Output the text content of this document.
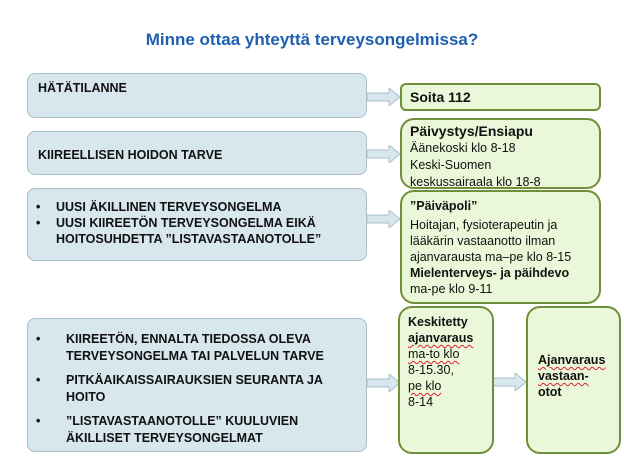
Minne ottaa yhteyttä terveysongelmissa?
HÄTÄTILANNE
KIIREELLISEN HOIDON TARVE
• UUSI ÄKILLINEN TERVEYSONGELMA
• UUSI KIIREETÖN TERVEYSONGELMA EIKÄ HOITOSUHDETTA ”LISTAVASTAANOTOLLE”
• KIIREETÖN, ENNALTA TIEDOSSA OLEVA TERVEYSONGELMA TAI PALVELUN TARVE
• PITKÄAIKAISSAIRAUKSIEN SEURANTA JA HOITO
• ”LISTAVASTAANOTOLLE” KUULUVIEN ÄKILLISET TERVEYSONGELMAT
Soita 112
Päivystys/Ensiapu
Äänekoski klo 8-18
Keski-Suomen
keskussairaala klo 18-8
”Päiväpoli”
Hoitajan, fysioterapeutin ja lääkärin vastaanotto ilman ajanvarausta ma–pe klo 8-15
Mielenterveys- ja päihdevo
ma-pe klo 9-11
Keskitetty
ajanvaraus
ma-to klo
8-15.30,
pe klo
8-14
Ajanvaraus
vastaan-
otot
